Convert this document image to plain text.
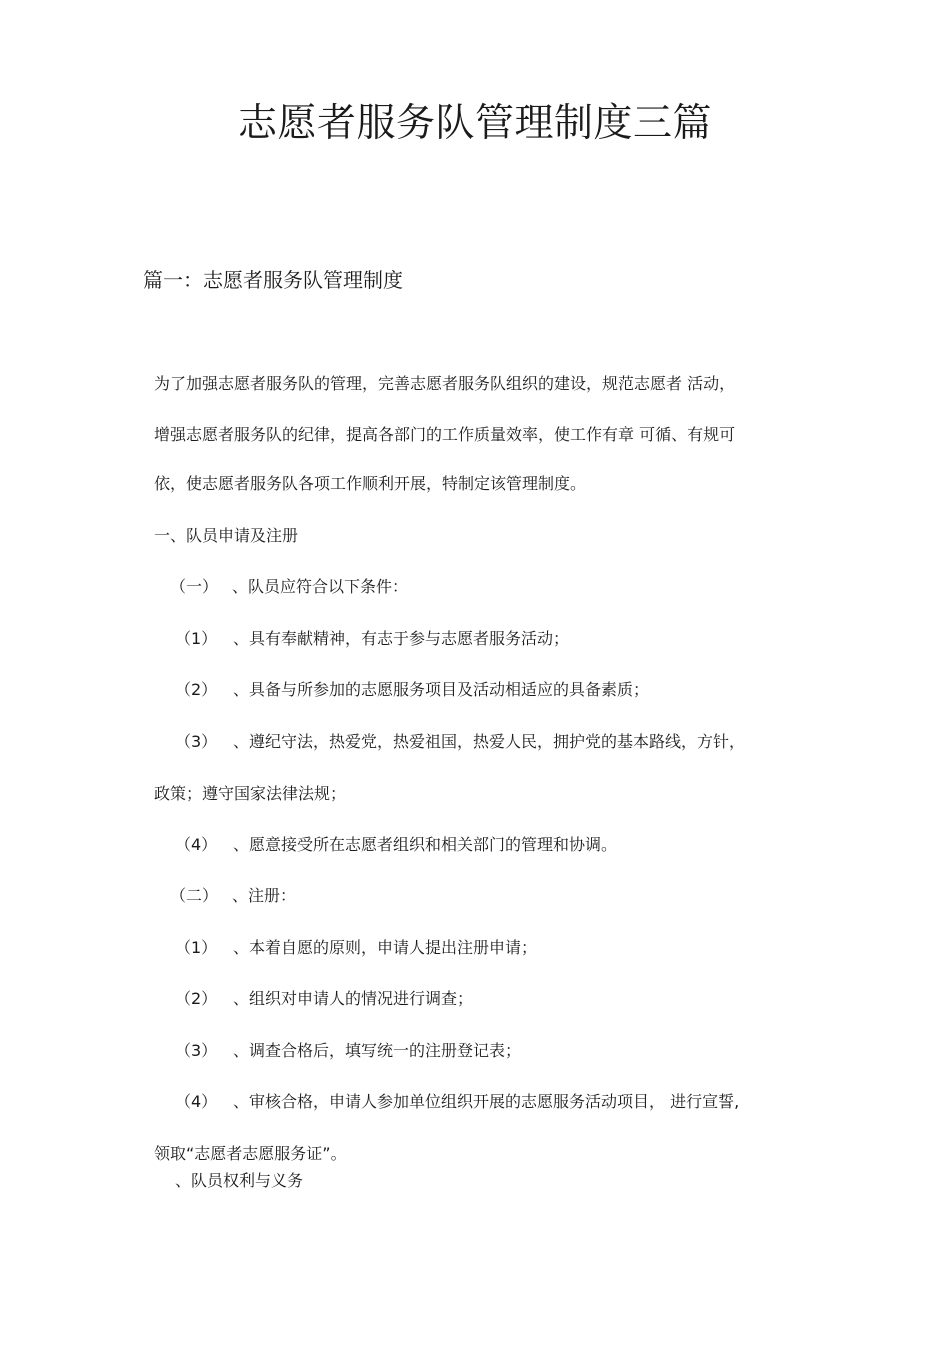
志愿者服务队管理制度三篇
篇一：志愿者服务队管理制度

为了加强志愿者服务队的管理，完善志愿者服务队组织的建设，规范志愿者 活动，

增强志愿者服务队的纪律，提高各部门的工作质量效率，使工作有章 可循、有规可

依，使志愿者服务队各项工作顺利开展，特制定该管理制度。

一、队员申请及注册

（一） 、队员应符合以下条件：

（1） 、具有奉献精神，有志于参与志愿者服务活动；

（2） 、具备与所参加的志愿服务项目及活动相适应的具备素质；

（3） 、遵纪守法，热爱党，热爱祖国，热爱人民，拥护党的基本路线，方针，

政策；遵守国家法律法规；

（4） 、愿意接受所在志愿者组织和相关部门的管理和协调。

（二） 、注册：

（1） 、本着自愿的原则，申请人提出注册申请；

（2） 、组织对申请人的情况进行调查；

（3） 、调查合格后，填写统一的注册登记表；

（4） 、审核合格，申请人参加单位组织开展的志愿服务活动项目， 进行宣誓,

领取“志愿者志愿服务证”。

、队员权利与义务
